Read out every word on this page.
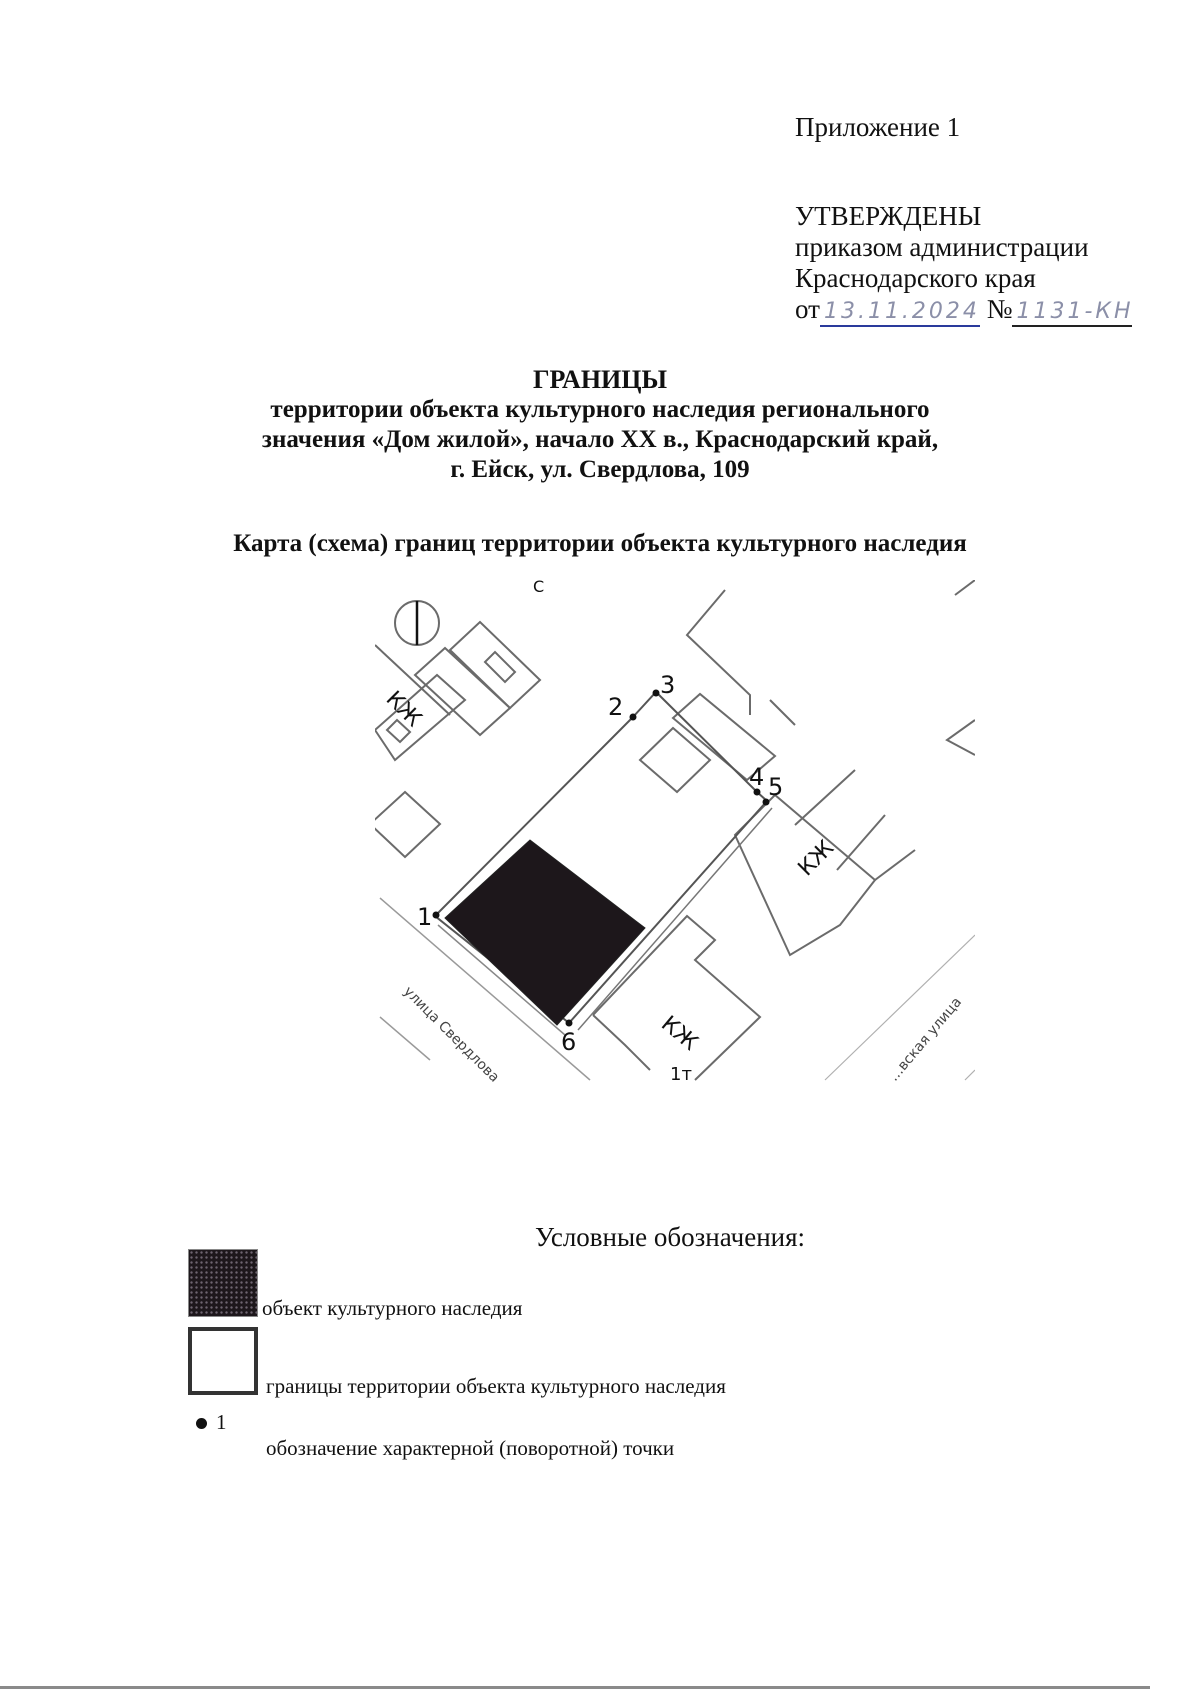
Приложение 1
УТВЕРЖДЕНЫ
приказом администрации
Краснодарского края
от 13.11.2024 № 1131-КН
ГРАНИЦЫ
территории объекта культурного наследия регионального
значения «Дом жилой», начало XX в., Краснодарский край,
г. Ейск, ул. Свердлова, 109
Карта (схема) границ территории объекта культурного наследия
1
2
3
4 5
6
С
КЖ
КЖ
КЖ
1т
улица Свердлова	…вская улица
Условные обозначения:
объект культурного наследия
границы территории объекта культурного наследия
1
обозначение характерной (поворотной) точки
